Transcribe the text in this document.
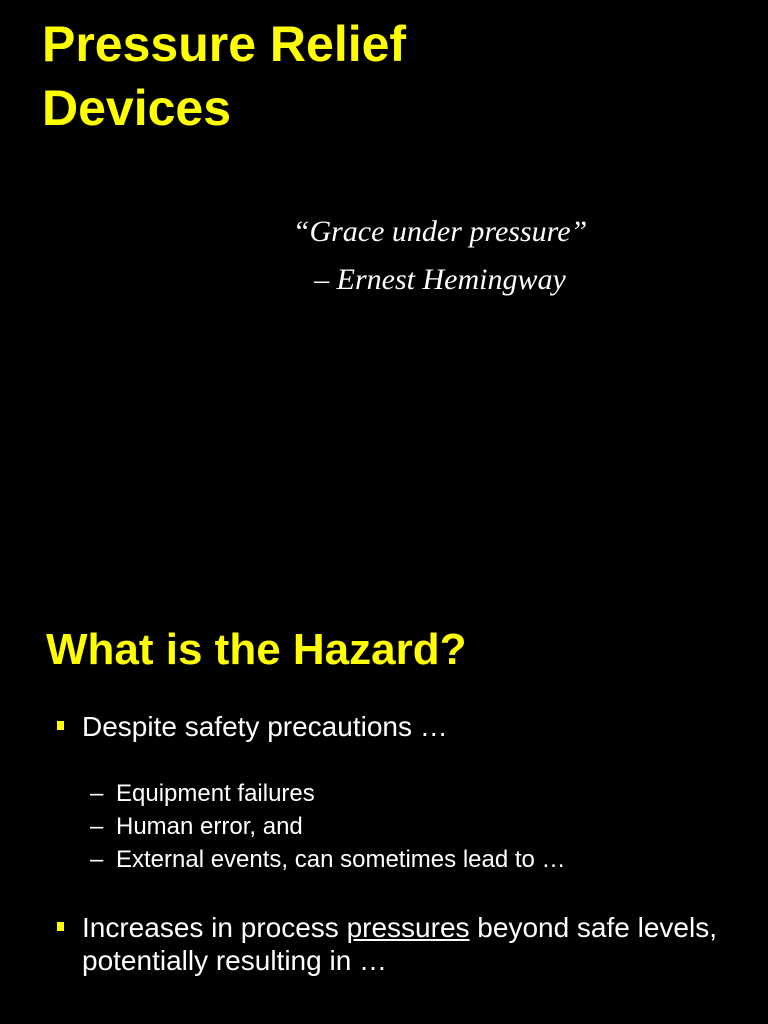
Pressure Relief
Devices
“Grace under pressure”
– Ernest Hemingway
What is the Hazard?
Despite safety precautions …
– Equipment failures
– Human error, and
– External events, can sometimes lead to …
Increases in process pressures beyond safe levels, potentially resulting in …
